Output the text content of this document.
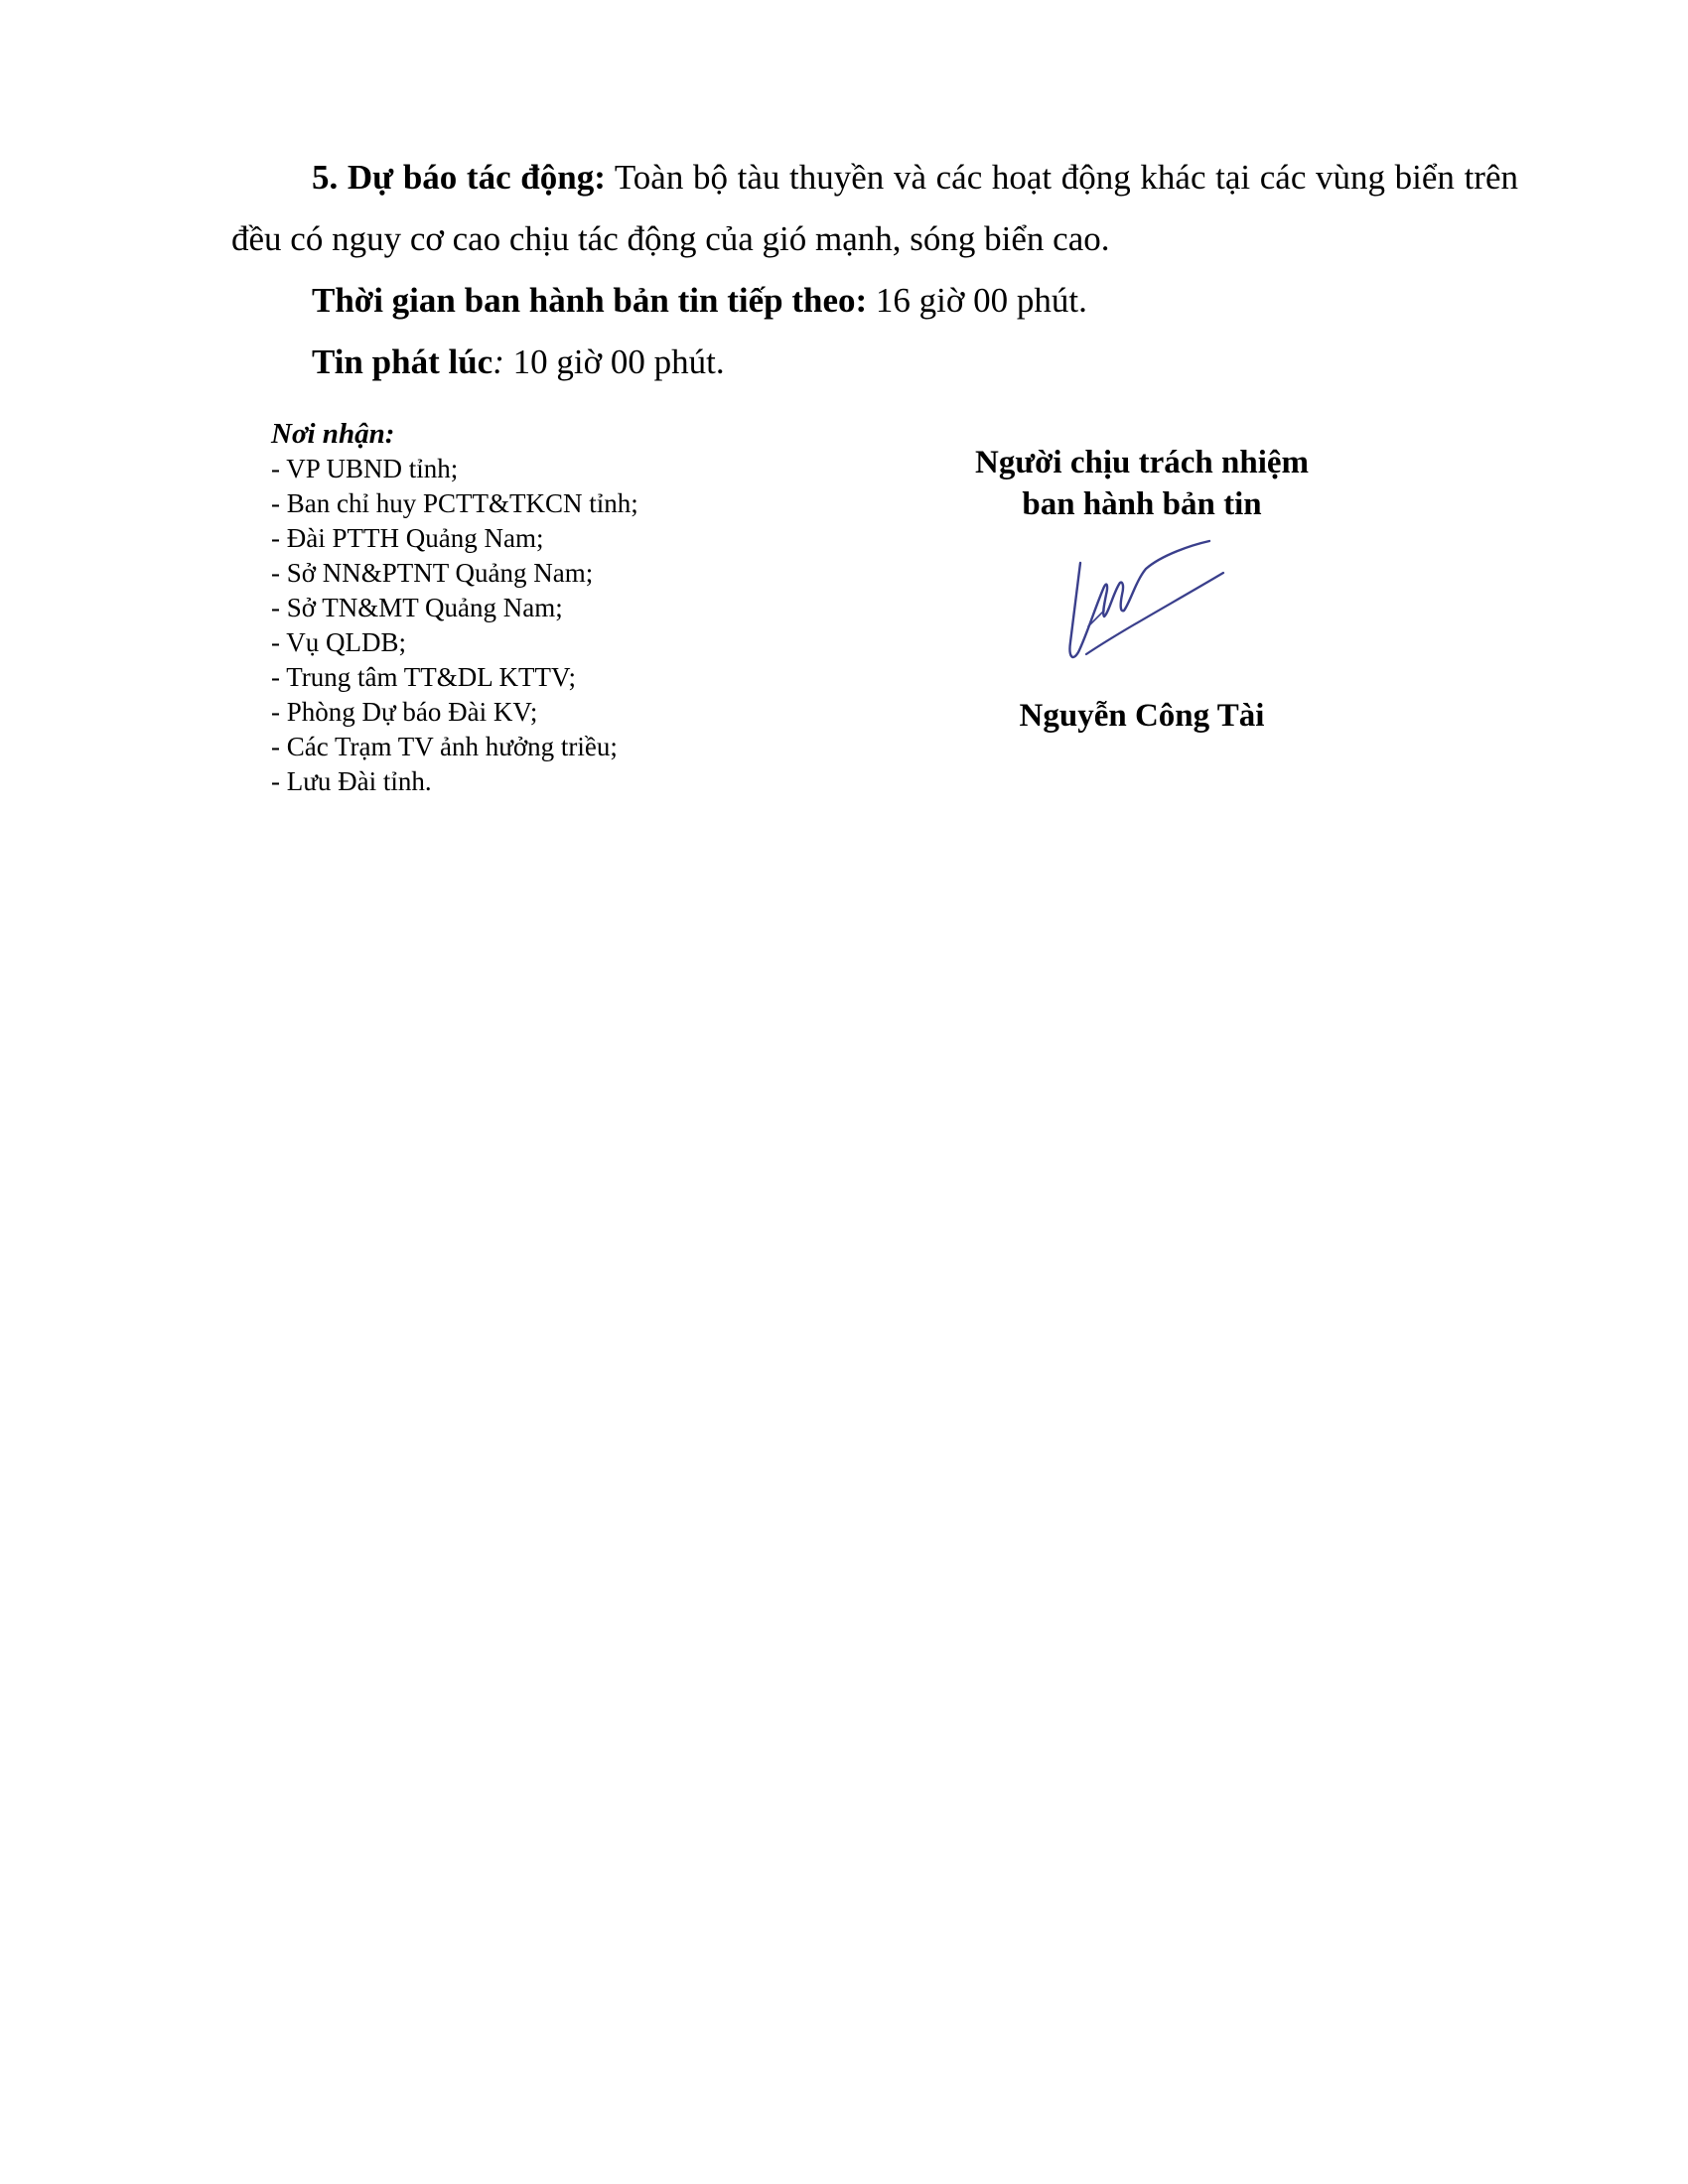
5. Dự báo tác động: Toàn bộ tàu thuyền và các hoạt động khác tại các vùng biển trên đều có nguy cơ cao chịu tác động của gió mạnh, sóng biển cao.

Thời gian ban hành bản tin tiếp theo: 16 giờ 00 phút.

Tin phát lúc: 10 giờ 00 phút.

Nơi nhận:
- VP UBND tỉnh;
- Ban chỉ huy PCTT&TKCN tỉnh;
- Đài PTTH Quảng Nam;
- Sở NN&PTNT Quảng Nam;
- Sở TN&MT Quảng Nam;
- Vụ QLDB;
- Trung tâm TT&DL KTTV;
- Phòng Dự báo Đài KV;
- Các Trạm TV ảnh hưởng triều;
- Lưu Đài tỉnh.
Người chịu trách nhiệm
ban hành bản tin
Nguyễn Công Tài
